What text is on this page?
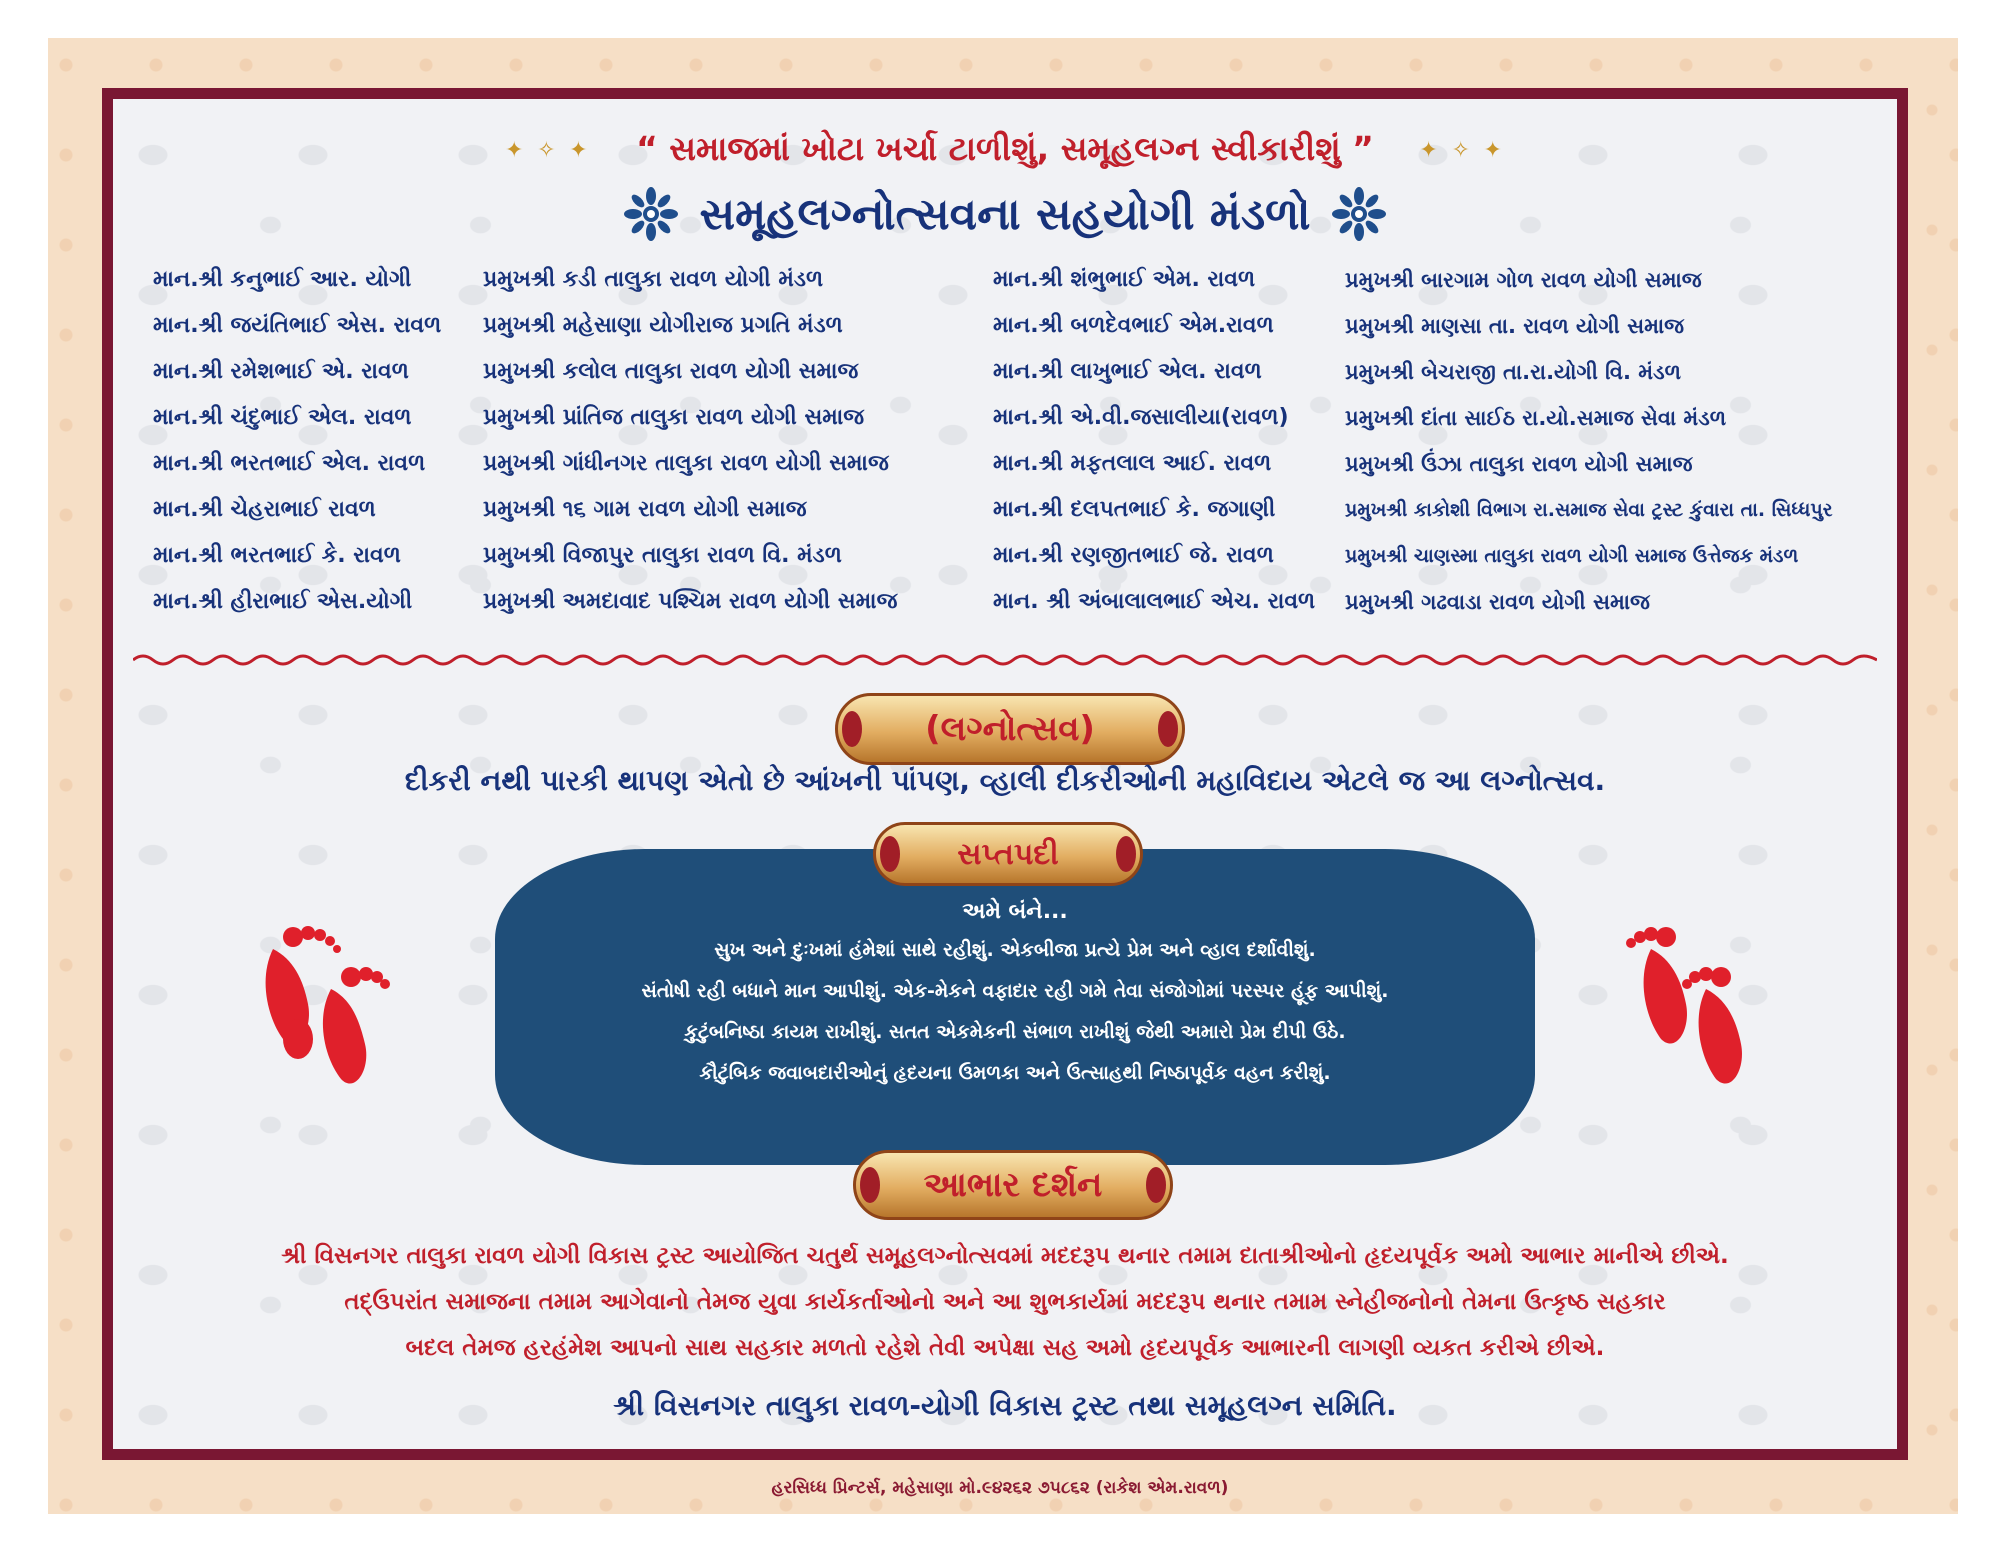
✦ ✧ ✦ “ સમાજમાં ખોટા ખર્ચા ટાળીશું, સમૂહલગ્ન સ્વીકારીશું ” ✦ ✧ ✦
સમૂહલગ્નોત્સવના સહયોગી મંડળો
માન.શ્રી કનુભાઈ આર. યોગી
માન.શ્રી જયંતિભાઈ એસ. રાવળ
માન.શ્રી રમેશભાઈ એ. રાવળ
માન.શ્રી ચંદુભાઈ એલ. રાવળ
માન.શ્રી ભરતભાઈ એલ. રાવળ
માન.શ્રી ચેહરાભાઈ રાવળ
માન.શ્રી ભરતભાઈ કે. રાવળ
માન.શ્રી હીરાભાઈ એસ.યોગી
પ્રમુખશ્રી કડી તાલુકા રાવળ યોગી મંડળ
પ્રમુખશ્રી મહેસાણા યોગીરાજ પ્રગતિ મંડળ
પ્રમુખશ્રી કલોલ તાલુકા રાવળ યોગી સમાજ
પ્રમુખશ્રી પ્રાંતિજ તાલુકા રાવળ યોગી સમાજ
પ્રમુખશ્રી ગાંધીનગર તાલુકા રાવળ યોગી સમાજ
પ્રમુખશ્રી ૧૬ ગામ રાવળ યોગી સમાજ
પ્રમુખશ્રી વિજાપુર તાલુકા રાવળ વિ. મંડળ
પ્રમુખશ્રી અમદાવાદ પશ્ચિમ રાવળ યોગી સમાજ
માન.શ્રી શંભુભાઈ એમ. રાવળ
માન.શ્રી બળદેવભાઈ એમ.રાવળ
માન.શ્રી લાખુભાઈ એલ. રાવળ
માન.શ્રી એ.વી.જસાલીયા(રાવળ)
માન.શ્રી મફતલાલ આઈ. રાવળ
માન.શ્રી દલપતભાઈ કે. જગાણી
માન.શ્રી રણજીતભાઈ જે. રાવળ
માન. શ્રી અંબાલાલભાઈ એચ. રાવળ
પ્રમુખશ્રી બારગામ ગોળ રાવળ યોગી સમાજ
પ્રમુખશ્રી માણસા તા. રાવળ યોગી સમાજ
પ્રમુખશ્રી બેચરાજી તા.રા.યોગી વિ. મંડળ
પ્રમુખશ્રી દાંતા સાઈઠ રા.યો.સમાજ સેવા મંડળ
પ્રમુખશ્રી ઉંઝા તાલુકા રાવળ યોગી સમાજ
પ્રમુખશ્રી કાકોશી વિભાગ રા.સમાજ સેવા ટ્રસ્ટ કુંવારા તા. સિધ્ધપુર
પ્રમુખશ્રી ચાણસ્મા તાલુકા રાવળ યોગી સમાજ ઉત્તેજક મંડળ
પ્રમુખશ્રી ગઢવાડા રાવળ યોગી સમાજ
(લગ્નોત્સવ)
દીકરી નથી પારકી થાપણ એતો છે આંખની પાંપણ, વ્હાલી દીકરીઓની મહાવિદાય એટલે જ આ લગ્નોત્સવ.
સપ્તપદી
અમે બંને...
સુખ અને દુઃખમાં હંમેશાં સાથે રહીશું. એકબીજા પ્રત્યે પ્રેમ અને વ્હાલ દર્શાવીશું.
સંતોષી રહી બધાને માન આપીશું. એક-મેકને વફાદાર રહી ગમે તેવા સંજોગોમાં પરસ્પર હૂંફ આપીશું.
કુટુંબનિષ્ઠા કાયમ રાખીશું. સતત એકમેકની સંભાળ રાખીશું જેથી અમારો પ્રેમ દીપી ઉઠે.
કૌટુંબિક જવાબદારીઓનું હૃદયના ઉમળકા અને ઉત્સાહથી નિષ્ઠાપૂર્વક વહન કરીશું.
આભાર દર્શન
શ્રી વિસનગર તાલુકા રાવળ યોગી વિકાસ ટ્રસ્ટ આયોજિત ચતુર્થ સમૂહલગ્નોત્સવમાં મદદરૂપ થનાર તમામ દાતાશ્રીઓનો હૃદયપૂર્વક અમો આભાર માનીએ છીએ.
તદ્ઉપરાંત સમાજના તમામ આગેવાનો તેમજ યુવા કાર્યકર્તાઓનો અને આ શુભકાર્યમાં મદદરૂપ થનાર તમામ સ્નેહીજનોનો તેમના ઉત્કૃષ્ઠ સહકાર
બદલ તેમજ હરહંમેશ આપનો સાથ સહકાર મળતો રહેશે તેવી અપેક્ષા સહ અમો હૃદયપૂર્વક આભારની લાગણી વ્યકત કરીએ છીએ.
શ્રી વિસનગર તાલુકા રાવળ-યોગી વિકાસ ટ્રસ્ટ તથા સમૂહલગ્ન સમિતિ.
હરસિધ્ધ પ્રિન્ટર્સ, મહેસાણા મો.૯૪૨૬૨ ૭૫૮૬૨ (રાકેશ એમ.રાવળ)
